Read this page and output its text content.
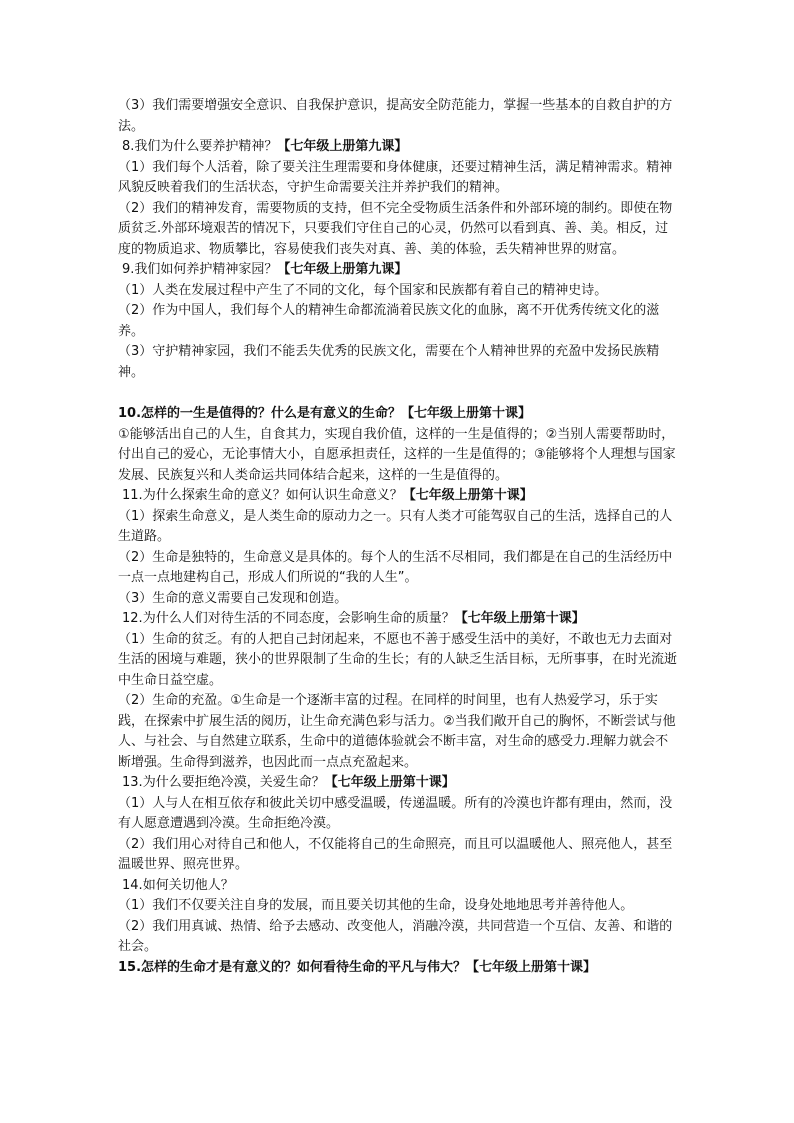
（3）我们需要增强安全意识、自我保护意识，提高安全防范能力，掌握一些基本的自救自护的方法。

8.我们为什么要养护精神？【七年级上册第九课】

（1）我们每个人活着，除了要关注生理需要和身体健康，还要过精神生活，满足精神需求。精神风貌反映着我们的生活状态，守护生命需要关注并养护我们的精神。

（2）我们的精神发育，需要物质的支持，但不完全受物质生活条件和外部环境的制约。即使在物质贫乏.外部环境艰苦的情况下，只要我们守住自己的心灵，仍然可以看到真、善、美。相反，过度的物质追求、物质攀比，容易使我们丧失对真、善、美的体验，丢失精神世界的财富。

9.我们如何养护精神家园？【七年级上册第九课】

（1）人类在发展过程中产生了不同的文化，每个国家和民族都有着自己的精神史诗。

（2）作为中国人，我们每个人的精神生命都流淌着民族文化的血脉，离不开优秀传统文化的滋养。

（3）守护精神家园，我们不能丢失优秀的民族文化，需要在个人精神世界的充盈中发扬民族精神。

10.怎样的一生是值得的？什么是有意义的生命？【七年级上册第十课】

①能够活出自己的人生，自食其力，实现自我价值，这样的一生是值得的；②当别人需要帮助时，付出自己的爱心，无论事情大小，自愿承担责任，这样的一生是值得的；③能够将个人理想与国家发展、民族复兴和人类命运共同体结合起来，这样的一生是值得的。

11.为什么探索生命的意义？如何认识生命意义？【七年级上册第十课】

（1）探索生命意义，是人类生命的原动力之一。只有人类才可能驾驭自己的生活，选择自己的人生道路。

（2）生命是独特的，生命意义是具体的。每个人的生活不尽相同，我们都是在自己的生活经历中一点一点地建构自己，形成人们所说的“我的人生”。

（3）生命的意义需要自己发现和创造。

12.为什么人们对待生活的不同态度，会影响生命的质量？【七年级上册第十课】

（1）生命的贫乏。有的人把自己封闭起来，不愿也不善于感受生活中的美好，不敢也无力去面对生活的困境与难题，狭小的世界限制了生命的生长；有的人缺乏生活目标，无所事事，在时光流逝中生命日益空虚。

（2）生命的充盈。①生命是一个逐渐丰富的过程。在同样的时间里，也有人热爱学习，乐于实践，在探索中扩展生活的阅历，让生命充满色彩与活力。②当我们敞开自己的胸怀，不断尝试与他人、与社会、与自然建立联系，生命中的道德体验就会不断丰富，对生命的感受力.理解力就会不断增强。生命得到滋养，也因此而一点点充盈起来。

13.为什么要拒绝冷漠，关爱生命？【七年级上册第十课】

（1）人与人在相互依存和彼此关切中感受温暖，传递温暖。所有的冷漠也许都有理由，然而，没有人愿意遭遇到冷漠。生命拒绝冷漠。

（2）我们用心对待自己和他人，不仅能将自己的生命照亮，而且可以温暖他人、照亮他人，甚至温暖世界、照亮世界。

14.如何关切他人？

（1）我们不仅要关注自身的发展，而且要关切其他的生命，设身处地地思考并善待他人。

（2）我们用真诚、热情、给予去感动、改变他人，消融冷漠，共同营造一个互信、友善、和谐的社会。

15.怎样的生命才是有意义的？如何看待生命的平凡与伟大？【七年级上册第十课】
